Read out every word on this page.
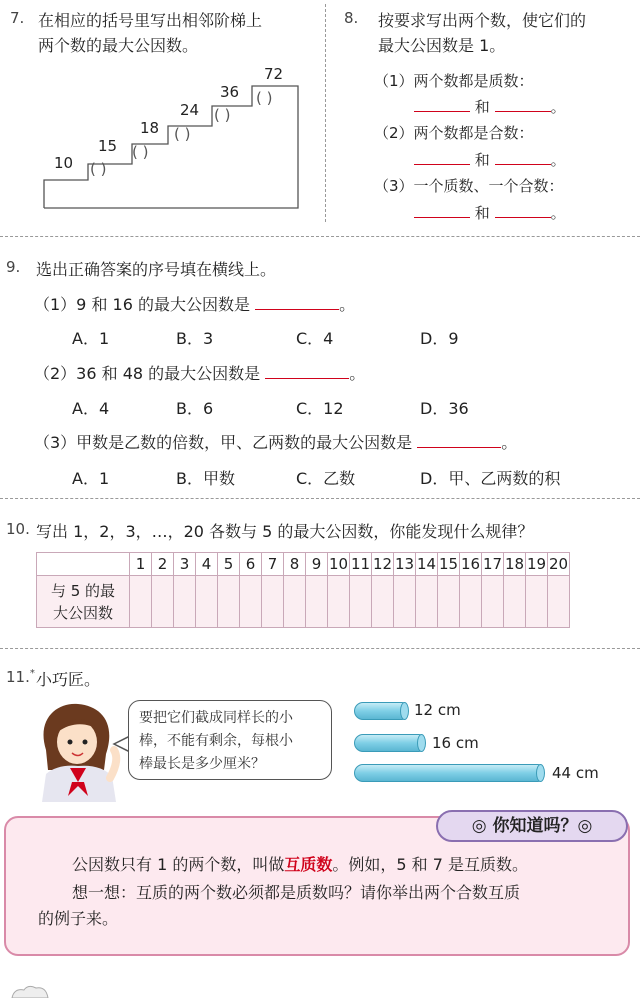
7. 在相应的括号里写出相邻阶梯上
两个数的最大公因数。
10
15
18
24
36
72
( )
( )
( )
( )
( )
8. 按要求写出两个数，使它们的
最大公因数是 1。
（1）两个数都是质数：
和	。
（2）两个数都是合数：
和	。
（3）一个质数、一个合数：
和	。
9. 选出正确答案的序号填在横线上。
（1）9 和 16 的最大公因数是	。
A．1	B．3	C．4	D．9
（2）36 和 48 的最大公因数是	。
A．4	B．6	C．12	D．36
（3）甲数是乙数的倍数，甲、乙两数的最大公因数是	。
A．1	B．甲数	C．乙数	D．甲、乙两数的积
10. 写出 1，2，3，…，20 各数与 5 的最大公因数，你能发现什么规律？
	1	2	3	4	5	6	7	8	9	10	11	12	13	14	15	16	17	18	19	20

与 5 的最
大公因数																				

11.* 小巧匠。
要把它们截成同样长的小
棒，不能有剩余，每根小
棒最长是多少厘米？
12 cm
16 cm
44 cm
◎ 你知道吗？◎
公因数只有 1 的两个数，叫做互质数。例如，5 和 7 是互质数。
想一想：互质的两个数必须都是质数吗？请你举出两个合数互质
的例子来。
